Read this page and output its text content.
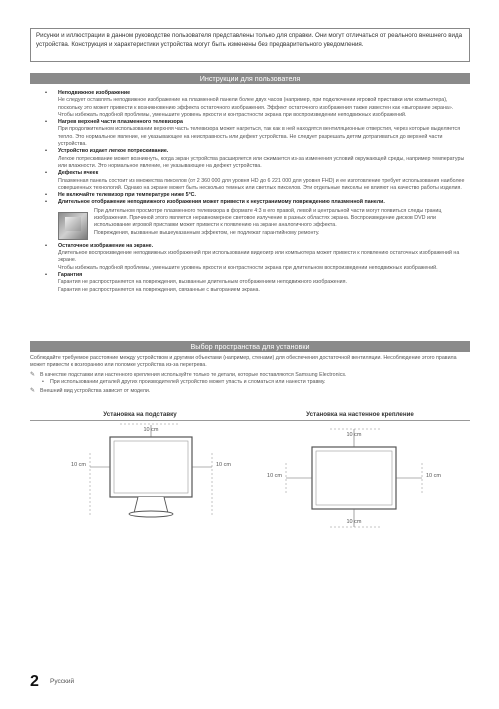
Рисунки и иллюстрации в данном руководстве пользователя представлены только для справки. Они могут отличаться от реального внешнего вида устройства. Конструкция и характеристики устройства могут быть изменены без предварительного уведомления.
Инструкции для пользователя
• Неподвижное изображение
Не следует оставлять неподвижное изображение на плазменной панели более двух часов (например, при подключении игровой приставки или компьютера), поскольку это может привести к возникновению эффекта остаточного изображения. Эффект остаточного изображения также известен как «выгорание экрана». Чтобы избежать подобной проблемы, уменьшите уровень яркости и контрастности экрана при воспроизведении неподвижных изображений.
• Нагрев верхней части плазменного телевизора
При продолжительном использовании верхняя часть телевизора может нагреться, так как в ней находятся вентиляционные отверстия, через которые выделяется тепло. Это нормальное явление, не указывающее на неисправность или дефект устройства. Не следует разрешать детям дотрагиваться до верхней части устройства.
• Устройство издает легкое потрескивание.
Легкое потрескивание может возникнуть, когда экран устройства расширяется или сжимается из-за изменения условий окружающей среды, например температуры или влажности. Это нормальное явление, не указывающее на дефект устройства.
• Дефекты ячеек
Плазменная панель состоит из множества пикселов (от 2 360 000 для уровня HD до 6 221 000 для уровня FHD) и ее изготовление требует использования наиболее совершенных технологий. Однако на экране может быть несколько темных или светлых пикселов. Эти отдельные пикселы не влияют на качество работы изделия.
• Не включайте телевизор при температуре ниже 5°C.
• Длительное отображение неподвижного изображения может привести к неустранимому повреждению плазменной панели.
При длительном просмотре плазменного телевизора в формате 4:3 в его правой, левой и центральной части могут появиться следы границ изображения. Причиной этого является неравномерное световое излучение в разных областях экрана. Воспроизведение дисков DVD или использование игровой приставки может привести к появлению на экране аналогичного эффекта.
Повреждения, вызванные вышеуказанным эффектом, не подлежат гарантийному ремонту.
• Остаточное изображение на экране.
Длительное воспроизведение неподвижных изображений при использовании видеоигр или компьютера может привести к появлению остаточных изображений на экране.
Чтобы избежать подобной проблемы, уменьшите уровень яркости и контрастности экрана при длительном воспроизведении неподвижных изображений.
• Гарантия
Гарантия не распространяется на повреждения, вызванные длительным отображением неподвижного изображения.
Гарантия не распространяется на повреждения, связанные с выгоранием экрана.
Выбор пространства для установки
Соблюдайте требуемое расстояние между устройством и другими объектами (например, стенами) для обеспечения достаточной вентиляции. Несоблюдение этого правила может привести к возгоранию или поломке устройства из-за перегрева.
✎ В качестве подставки или настенного крепления используйте только те детали, которые поставляются Samsung Electronics.
• При использовании деталей других производителей устройство может упасть и сломаться или нанести травму.
✎ Внешний вид устройства зависит от модели.
Установка на подставку	Установка на настенное крепление
10 cm
10 cm	10 cm
10 cm
10 cm	10 cm
10 cm
2 Русский
